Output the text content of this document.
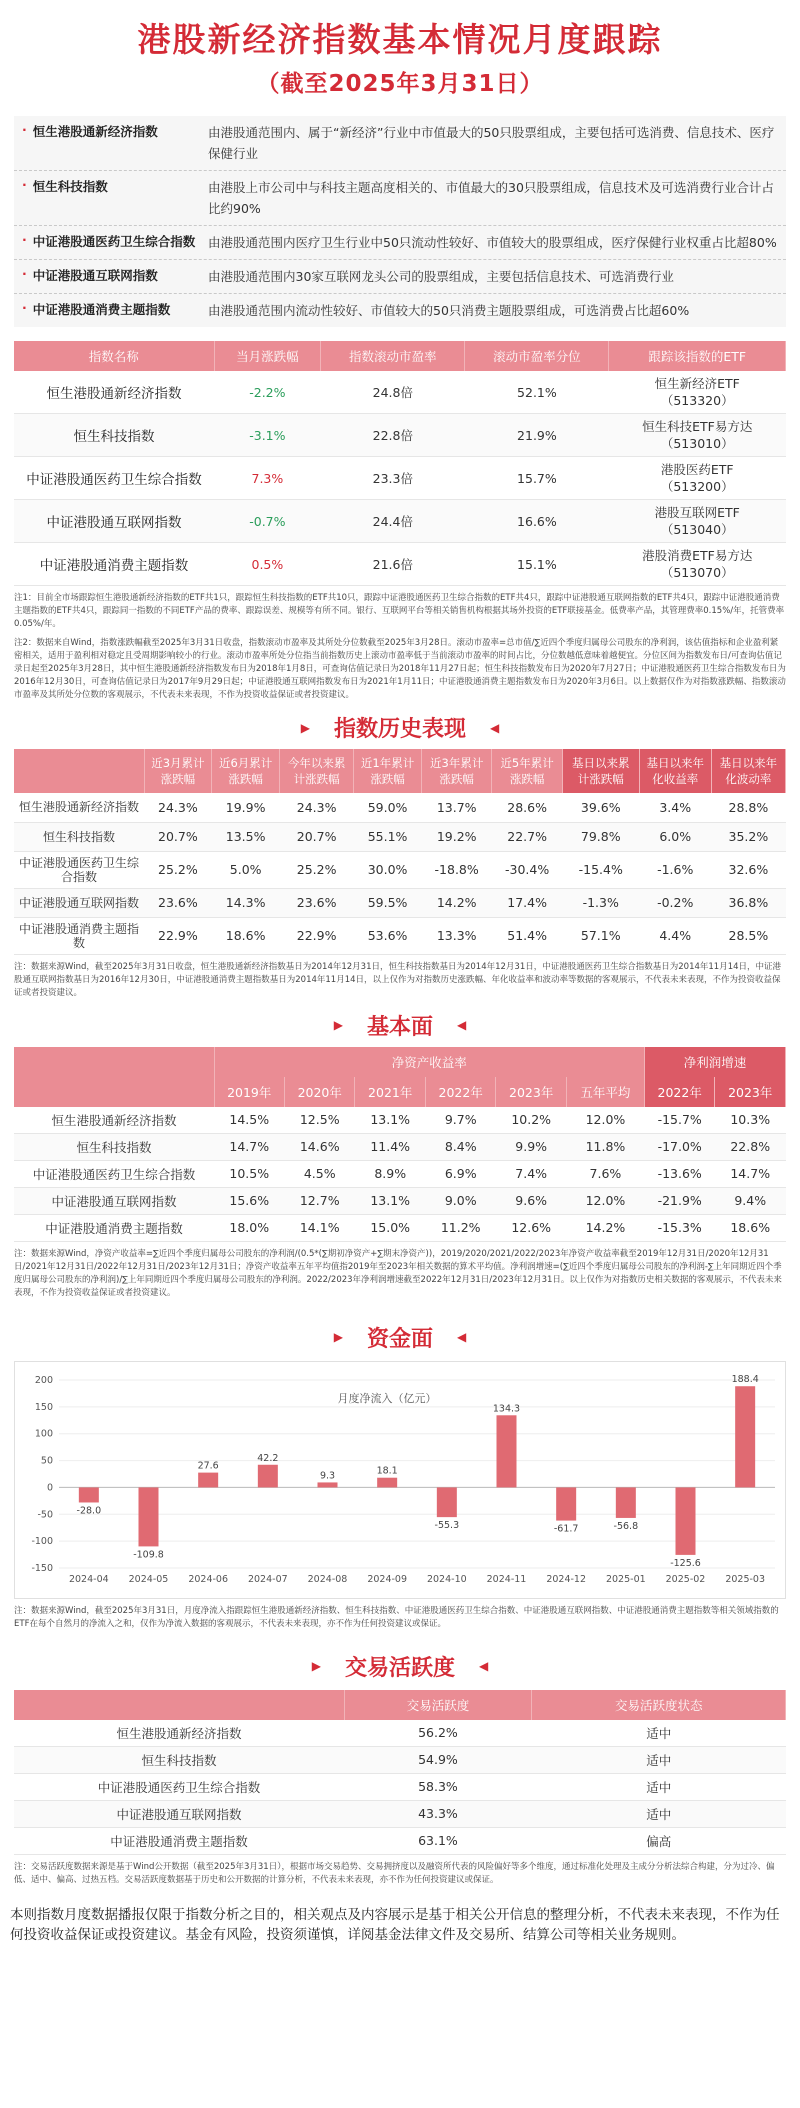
港股新经济指数基本情况月度跟踪
（截至2025年3月31日）
· 恒生港股通新经济指数	由港股通范围内、属于“新经济”行业中市值最大的50只股票组成，主要包括可选消费、信息技术、医疗保健行业
· 恒生科技指数	由港股上市公司中与科技主题高度相关的、市值最大的30只股票组成，信息技术及可选消费行业合计占比约90%
· 中证港股通医药卫生综合指数 由港股通范围内医疗卫生行业中50只流动性较好、市值较大的股票组成，医疗保健行业权重占比超80%
· 中证港股通互联网指数	由港股通范围内30家互联网龙头公司的股票组成，主要包括信息技术、可选消费行业
· 中证港股通消费主题指数	由港股通范围内流动性较好、市值较大的50只消费主题股票组成，可选消费占比超60%
指数名称	当月涨跌幅	指数滚动市盈率	滚动市盈率分位	跟踪该指数的ETF
恒生港股通新经济指数	-2.2%	24.8倍	52.1%	恒生新经济ETF
（513320）
恒生科技指数	-3.1%	22.8倍	21.9%	恒生科技ETF易方达
（513010）
中证港股通医药卫生综合指数	7.3%	23.3倍	15.7%	港股医药ETF
（513200）
中证港股通互联网指数	-0.7%	24.4倍	16.6%	港股互联网ETF
（513040）
中证港股通消费主题指数	0.5%	21.6倍	15.1%	港股消费ETF易方达
（513070）
注1：目前全市场跟踪恒生港股通新经济指数的ETF共1只，跟踪恒生科技指数的ETF共10只，跟踪中证港股通医药卫生综合指数的ETF共4只，跟踪中证港股通互联网指数的ETF共4只，跟踪中证港股通消费主题指数的ETF共4只，跟踪同一指数的不同ETF产品的费率、跟踪误差、规模等有所不同。银行、互联网平台等相关销售机构根据其场外投资的ETF联接基金。低费率产品，其管理费率0.15%/年，托管费率0.05%/年。
注2：数据来自Wind，指数涨跌幅截至2025年3月31日收盘，指数滚动市盈率及其所处分位数截至2025年3月28日。滚动市盈率=总市值/∑近四个季度归属母公司股东的净利润，该估值指标和企业盈利紧密相关，适用于盈利相对稳定且受周期影响较小的行业。滚动市盈率所处分位指当前指数历史上滚动市盈率低于当前滚动市盈率的时间占比，分位数越低意味着越便宜。分位区间为指数发布日/可查询估值记录日起至2025年3月28日，其中恒生港股通新经济指数发布日为2018年1月8日，可查询估值记录日为2018年11月27日起；恒生科技指数发布日为2020年7月27日；中证港股通医药卫生综合指数发布日为2016年12月30日，可查询估值记录日为2017年9月29日起；中证港股通互联网指数发布日为2021年1月11日；中证港股通消费主题指数发布日为2020年3月6日。以上数据仅作为对指数涨跌幅、指数滚动市盈率及其所处分位数的客观展示，不代表未来表现，不作为投资收益保证或者投资建议。
▶ 指数历史表现 ◀
	近3月累计涨跌幅	近6月累计涨跌幅	今年以来累计涨跌幅	近1年累计涨跌幅	近3年累计涨跌幅	近5年累计涨跌幅	基日以来累计涨跌幅	基日以来年化收益率	基日以来年化波动率
恒生港股通新经济指数	24.3%	19.9%	24.3%	59.0%	13.7%	28.6%	39.6%	3.4%	28.8%
恒生科技指数	20.7%	13.5%	20.7%	55.1%	19.2%	22.7%	79.8%	6.0%	35.2%
中证港股通医药卫生综合指数	25.2%	5.0%	25.2%	30.0%	-18.8%	-30.4%	-15.4%	-1.6%	32.6%
中证港股通互联网指数	23.6%	14.3%	23.6%	59.5%	14.2%	17.4%	-1.3%	-0.2%	36.8%
中证港股通消费主题指数	22.9%	18.6%	22.9%	53.6%	13.3%	51.4%	57.1%	4.4%	28.5%
注：数据来源Wind，截至2025年3月31日收盘，恒生港股通新经济指数基日为2014年12月31日，恒生科技指数基日为2014年12月31日，中证港股通医药卫生综合指数基日为2014年11月14日，中证港股通互联网指数基日为2016年12月30日，中证港股通消费主题指数基日为2014年11月14日，以上仅作为对指数历史涨跌幅、年化收益率和波动率等数据的客观展示，不代表未来表现，不作为投资收益保证或者投资建议。
▶ 基本面 ◀
	净资产收益率						净利润增速	
	2019年	2020年	2021年	2022年	2023年	五年平均	2022年	2023年
恒生港股通新经济指数	14.5%	12.5%	13.1%	9.7%	10.2%	12.0%	-15.7%	10.3%
恒生科技指数	14.7%	14.6%	11.4%	8.4%	9.9%	11.8%	-17.0%	22.8%
中证港股通医药卫生综合指数	10.5%	4.5%	8.9%	6.9%	7.4%	7.6%	-13.6%	14.7%
中证港股通互联网指数	15.6%	12.7%	13.1%	9.0%	9.6%	12.0%	-21.9%	9.4%
中证港股通消费主题指数	18.0%	14.1%	15.0%	11.2%	12.6%	14.2%	-15.3%	18.6%
注：数据来源Wind，净资产收益率=∑近四个季度归属母公司股东的净利润/(0.5*(∑期初净资产+∑期末净资产))，2019/2020/2021/2022/2023年净资产收益率截至2019年12月31日/2020年12月31日/2021年12月31日/2022年12月31日/2023年12月31日；净资产收益率五年平均值指2019年至2023年相关数据的算术平均值。净利润增速=(∑近四个季度归属母公司股东的净利润-∑上年同期近四个季度归属母公司股东的净利润)/∑上年同期近四个季度归属母公司股东的净利润。2022/2023年净利润增速截至2022年12月31日/2023年12月31日。以上仅作为对指数历史相关数据的客观展示，不代表未来表现，不作为投资收益保证或者投资建议。
▶ 资金面 ◀
200
150
100
50
0
-50
-100
-150
月度净流入（亿元）
-28.0
2024-04
-109.8
2024-05
27.6
2024-06
42.2
2024-07
9.3
2024-08
18.1
2024-09
-55.3
2024-10
134.3
2024-11
-61.7
2024-12
-56.8
2025-01
-125.6
2025-02
188.4
2025-03
注：数据来源Wind，截至2025年3月31日，月度净流入指跟踪恒生港股通新经济指数、恒生科技指数、中证港股通医药卫生综合指数、中证港股通互联网指数、中证港股通消费主题指数等相关领域指数的ETF在每个自然月的净流入之和，仅作为净流入数据的客观展示，不代表未来表现，亦不作为任何投资建议或保证。
▶ 交易活跃度 ◀
	交易活跃度	交易活跃度状态
恒生港股通新经济指数	56.2%	适中
恒生科技指数	54.9%	适中
中证港股通医药卫生综合指数	58.3%	适中
中证港股通互联网指数	43.3%	适中
中证港股通消费主题指数	63.1%	偏高
注：交易活跃度数据来源是基于Wind公开数据（截至2025年3月31日），根据市场交易趋势、交易拥挤度以及融资所代表的风险偏好等多个维度，通过标准化处理及主成分分析法综合构建，分为过冷、偏低、适中、偏高、过热五档。交易活跃度数据基于历史和公开数据的计算分析，不代表未来表现，亦不作为任何投资建议或保证。
本则指数月度数据播报仅限于指数分析之目的，相关观点及内容展示是基于相关公开信息的整理分析，不代表未来表现，不作为任何投资收益保证或投资建议。基金有风险，投资须谨慎，详阅基金法律文件及交易所、结算公司等相关业务规则。
